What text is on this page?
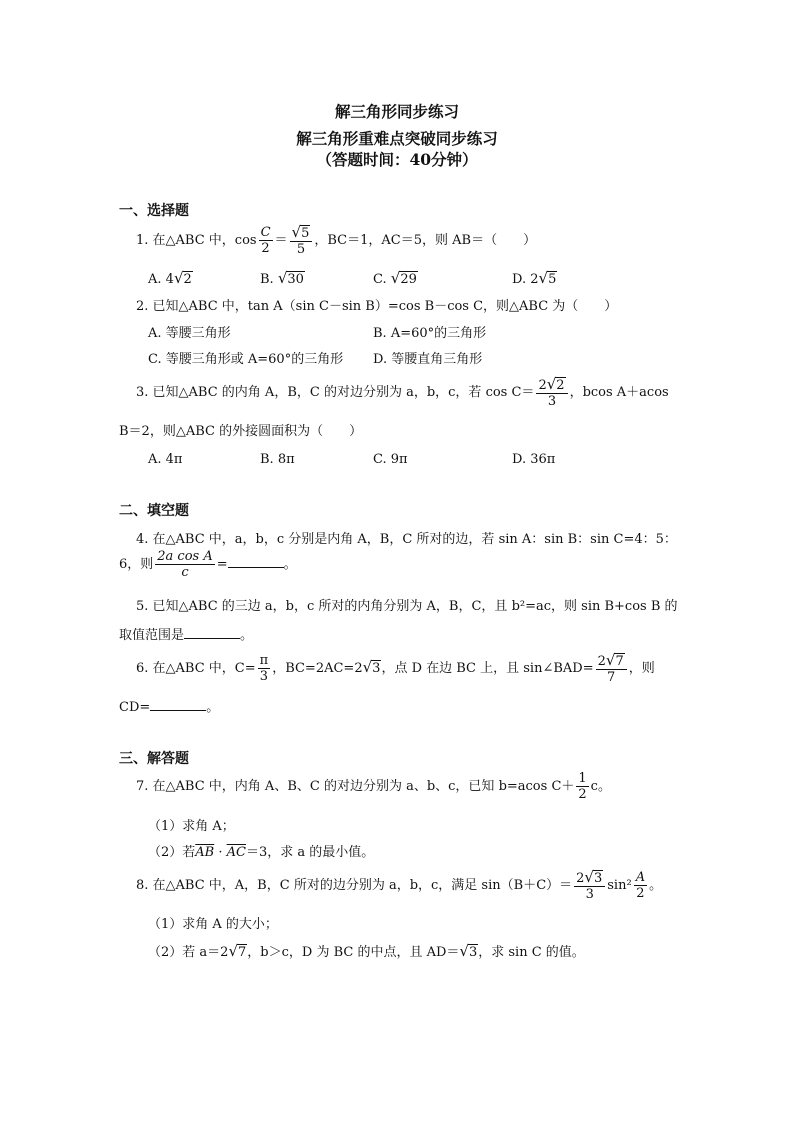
解三角形同步练习
解三角形重难点突破同步练习
（答题时间：40分钟）
一、选择题
1. 在△ABC 中，$\cos \frac{C}{2} = \frac{√5}{5}$ ，BC＝1，AC＝5，则 AB＝（　　）
A. 4√2	B. √30	C. √29	D. 2√5
2. 已知△ABC 中，tan A（sin C－sin B）=cos B－cos C，则△ABC 为（　　）
A. 等腰三角形	B. A=60°的三角形
C. 等腰三角形或 A=60°的三角形 D. 等腰直角三角形
3. 已知△ABC 的内角 A，B，C 的对边分别为 a，b，c，若 $\cos C= \frac{2√2}{3}$ ，bcos A＋acos
B＝2，则△ABC 的外接圆面积为（　　）
A. 4π	B. 8π	C. 9π	D. 36π
二、填空题
4. 在△ABC 中，a，b，c 分别是内角 A，B，C 所对的边，若 sin A：sin B：sin C=4：5：
6，则 $\frac{\text{2a cos A}}{c}$ =	。
5. 已知△ABC 的三边 a，b，c 所对的内角分别为 A，B，C，且 b²=ac，则 sin B+cos B 的
取值范围是	。
6. 在△ABC 中，$C= \frac{\pi}{3}$ ，BC=2AC=2√3，点 D 在边 BC 上，且 sin∠BAD= $\frac{2√7}{7}$ ，则
CD=	。
三、解答题
7. 在△ABC 中，内角 A、B、C 的对边分别为 a、b、c，已知 b=acos $C+ \frac{1}{2}$ c。
（1）求角 A；
（2）若$\overline{AB} \cdot \overline{AC}=3$，求 a 的最小值。
8. 在△ABC 中，A，B，C 所对的边分别为 a，b，c，满足 $\sin(B+C)= \frac{2√3}{3} \sin^2 \frac{A}{2}$ 。
（1）求角 A 的大小；
（2）若 a＝2√7，b＞c，D 为 BC 的中点，且 AD＝√3，求 sin C 的值。
